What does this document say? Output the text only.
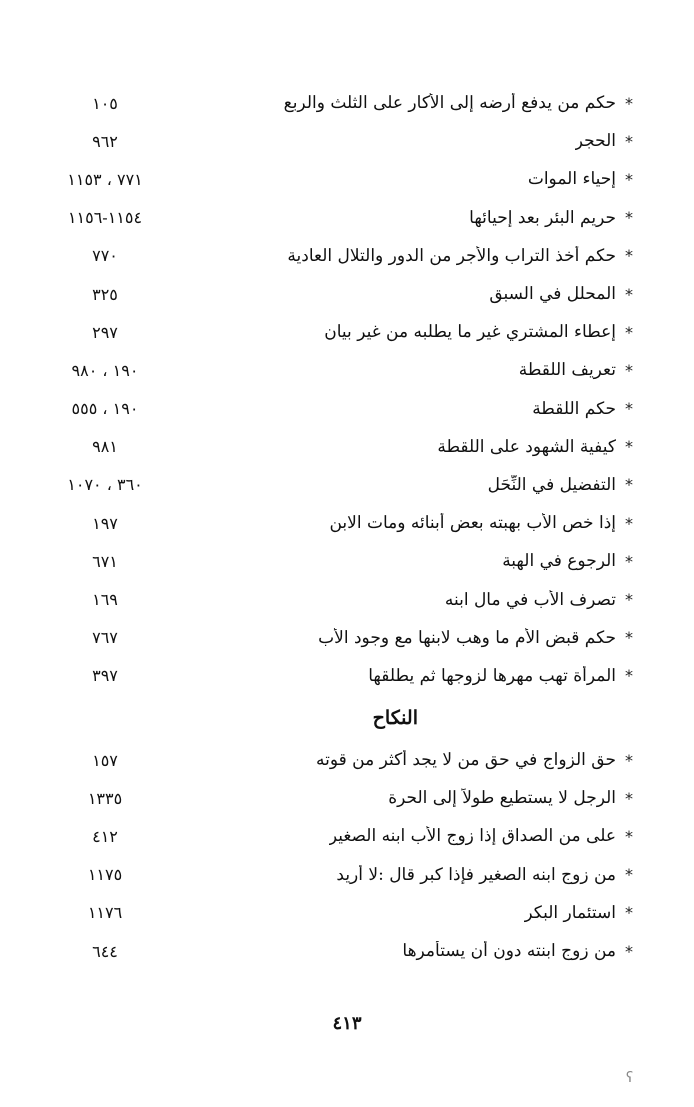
*
حكم من يدفع أرضه إلى الأكار على الثلث والربع
١٠٥
*
الحجر
٩٦٢
*
إحياء الموات
٧٧١ ، ١١٥٣
*
حريم البئر بعد إحيائها
١١٥٤-١١٥٦
*
حكم أخذ التراب والأجر من الدور والتلال العادية
٧٧٠
*
المحلل في السبق
٣٢٥
*
إعطاء المشتري غير ما يطلبه من غير بيان
٢٩٧
*
تعريف اللقطة
١٩٠ ، ٩٨٠
*
حكم اللقطة
١٩٠ ، ٥٥٥
*
كيفية الشهود على اللقطة
٩٨١
*
التفضيل في النِّحَل
٣٦٠ ، ١٠٧٠
*
إذا خص الأب بهبته بعض أبنائه ومات الابن
١٩٧
*
الرجوع في الهبة
٦٧١
*
تصرف الأب في مال ابنه
١٦٩
*
حكم قبض الأم ما وهب لابنها مع وجود الأب
٧٦٧
*
المرأة تهب مهرها لزوجها ثم يطلقها
٣٩٧
النكاح
*
حق الزواج في حق من لا يجد أكثر من قوته
١٥٧
*
الرجل لا يستطيع طولاً إلى الحرة
١٣٣٥
*
على من الصداق إذا زوج الأب ابنه الصغير
٤١٢
*
من زوج ابنه الصغير فإذا كبر قال :لا أريد
١١٧٥
*
استئمار البكر
١١٧٦
*
من زوج ابنته دون أن يستأمرها
٦٤٤
٤١٣
ʕ
